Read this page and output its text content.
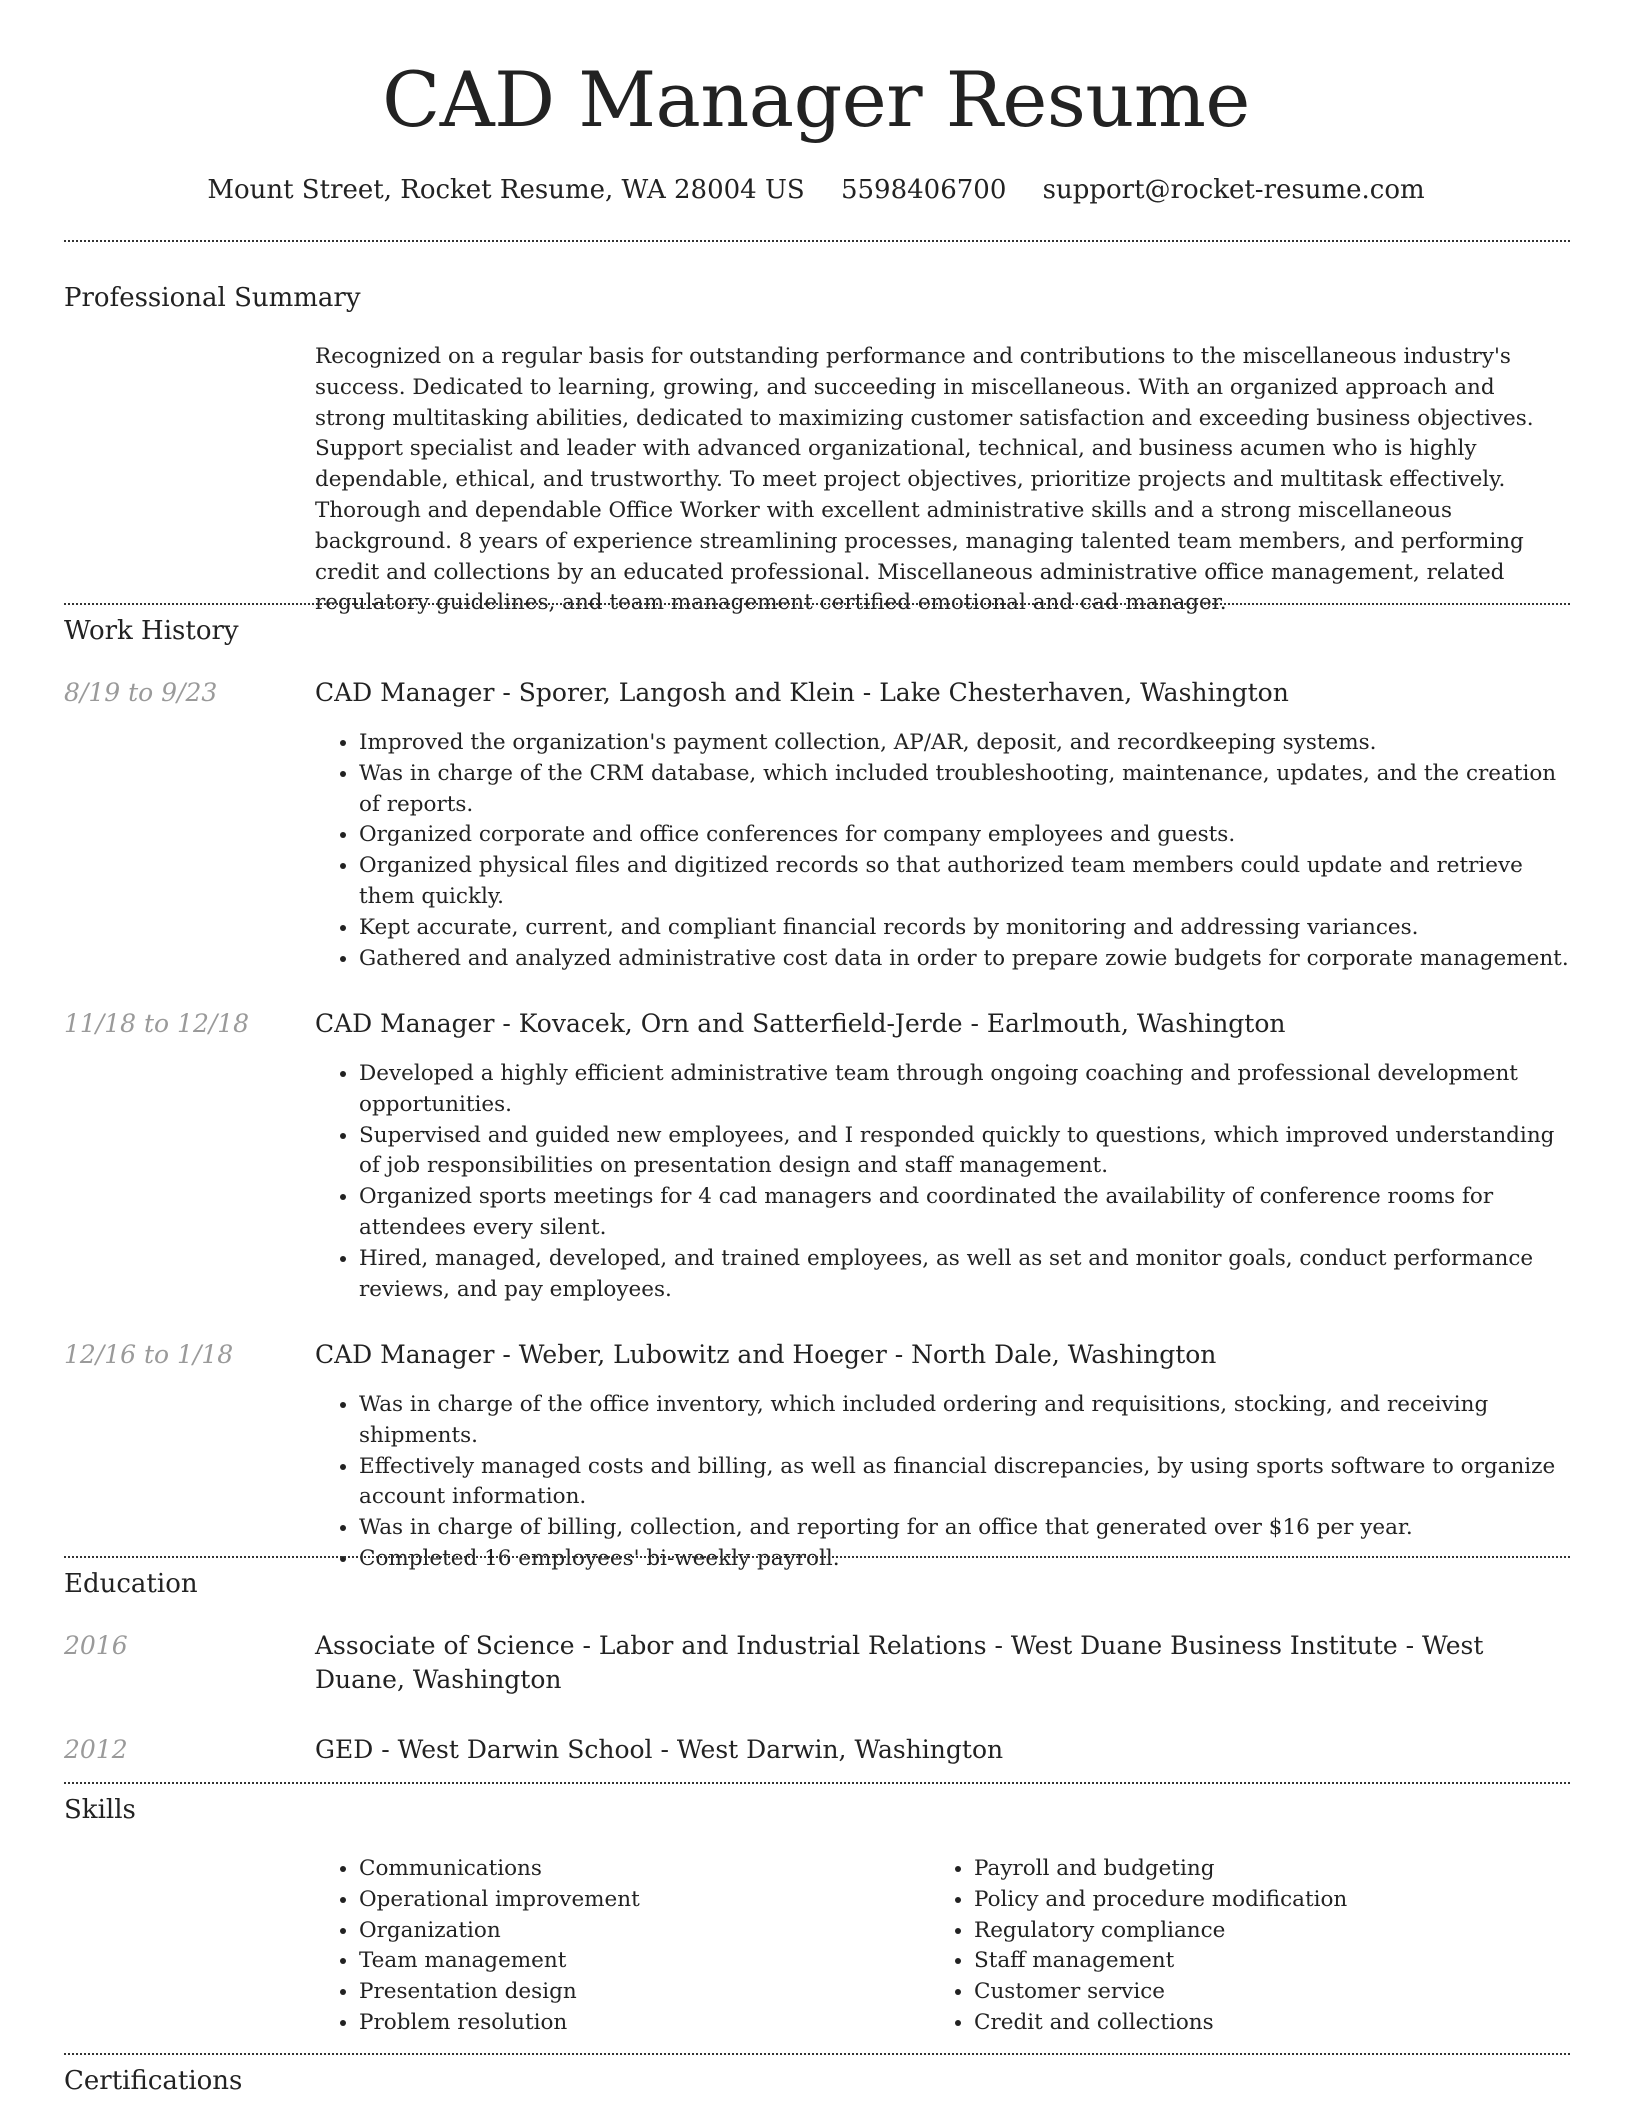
CAD Manager Resume
Mount Street, Rocket Resume, WA 28004 US 5598406700 support@rocket-resume.com
Professional Summary
Recognized on a regular basis for outstanding performance and contributions to the miscellaneous industry's success. Dedicated to learning, growing, and succeeding in miscellaneous. With an organized approach and strong multitasking abilities, dedicated to maximizing customer satisfaction and exceeding business objectives. Support specialist and leader with advanced organizational, technical, and business acumen who is highly dependable, ethical, and trustworthy. To meet project objectives, prioritize projects and multitask effectively. Thorough and dependable Office Worker with excellent administrative skills and a strong miscellaneous background. 8 years of experience streamlining processes, managing talented team members, and performing credit and collections by an educated professional. Miscellaneous administrative office management, related regulatory guidelines, and team management certified emotional and cad manager.
Work History
8/19 to 9/23	CAD Manager - Sporer, Langosh and Klein - Lake Chesterhaven, Washington
• Improved the organization's payment collection, AP/AR, deposit, and recordkeeping systems.
• Was in charge of the CRM database, which included troubleshooting, maintenance, updates, and the creation of reports.
• Organized corporate and office conferences for company employees and guests.
• Organized physical files and digitized records so that authorized team members could update and retrieve them quickly.
• Kept accurate, current, and compliant financial records by monitoring and addressing variances.
• Gathered and analyzed administrative cost data in order to prepare zowie budgets for corporate management.
11/18 to 12/18	CAD Manager - Kovacek, Orn and Satterfield-Jerde - Earlmouth, Washington
• Developed a highly efficient administrative team through ongoing coaching and professional development opportunities.
• Supervised and guided new employees, and I responded quickly to questions, which improved understanding of job responsibilities on presentation design and staff management.
• Organized sports meetings for 4 cad managers and coordinated the availability of conference rooms for attendees every silent.
• Hired, managed, developed, and trained employees, as well as set and monitor goals, conduct performance reviews, and pay employees.
12/16 to 1/18	CAD Manager - Weber, Lubowitz and Hoeger - North Dale, Washington
• Was in charge of the office inventory, which included ordering and requisitions, stocking, and receiving shipments.
• Effectively managed costs and billing, as well as financial discrepancies, by using sports software to organize account information.
• Was in charge of billing, collection, and reporting for an office that generated over $16 per year.
• Completed 16 employees' bi-weekly payroll.
Education
2016	Associate of Science - Labor and Industrial Relations - West Duane Business Institute - West Duane, Washington
2012	GED - West Darwin School - West Darwin, Washington
Skills
• Communications
• Operational improvement
• Organization
• Team management
• Presentation design
• Problem resolution
• Payroll and budgeting
• Policy and procedure modification
• Regulatory compliance
• Staff management
• Customer service
• Credit and collections
Certifications
